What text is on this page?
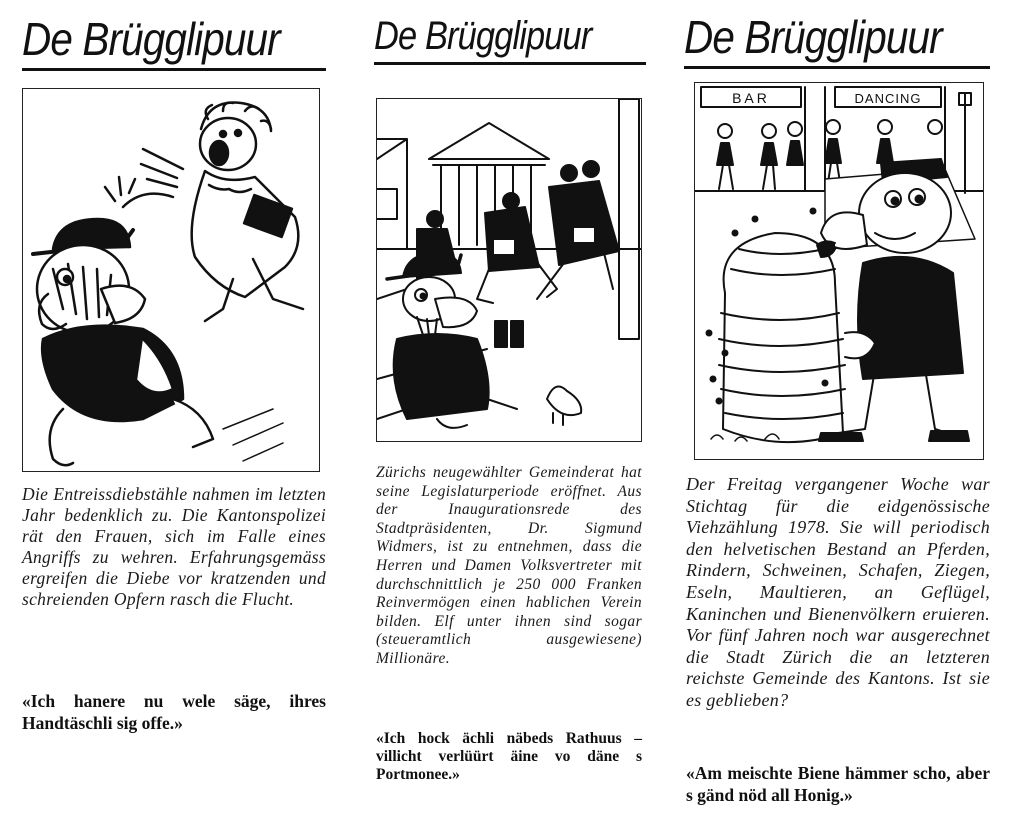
De Brügglipuur

Die Entreissdiebstähle nahmen im letzten Jahr bedenklich zu. Die Kantonspolizei rät den Frauen, sich im Falle eines Angriffs zu wehren. Erfahrungsgemäss ergreifen die Diebe vor kratzenden und schreienden Opfern rasch die Flucht.

«Ich hanere nu wele säge, ihres Handtäschli sig offe.»

De Brügglipuur

Zürichs neugewählter Gemeinderat hat seine Legislaturperiode eröffnet. Aus der Inaugurationsrede des Stadtpräsidenten, Dr. Sigmund Widmers, ist zu entnehmen, dass die Herren und Damen Volksvertreter mit durchschnittlich je 250 000 Franken Reinvermögen einen hablichen Verein bilden. Elf unter ihnen sind sogar (steueramtlich ausgewiesene) Millionäre.

«Ich hock ächli näbeds Rathuus – villicht verlüürt äine vo däne s Portmonee.»

De Brügglipuur
BAR	DANCING

Der Freitag vergangener Woche war Stichtag für die eidgenössische Viehzählung 1978. Sie will periodisch den helvetischen Bestand an Pferden, Rindern, Schweinen, Schafen, Ziegen, Eseln, Maultieren, an Geflügel, Kaninchen und Bienenvölkern eruieren. Vor fünf Jahren noch war ausgerechnet die Stadt Zürich die an letzteren reichste Gemeinde des Kantons. Ist sie es geblieben?

«Am meischte Biene hämmer scho, aber s gänd nöd all Honig.»
